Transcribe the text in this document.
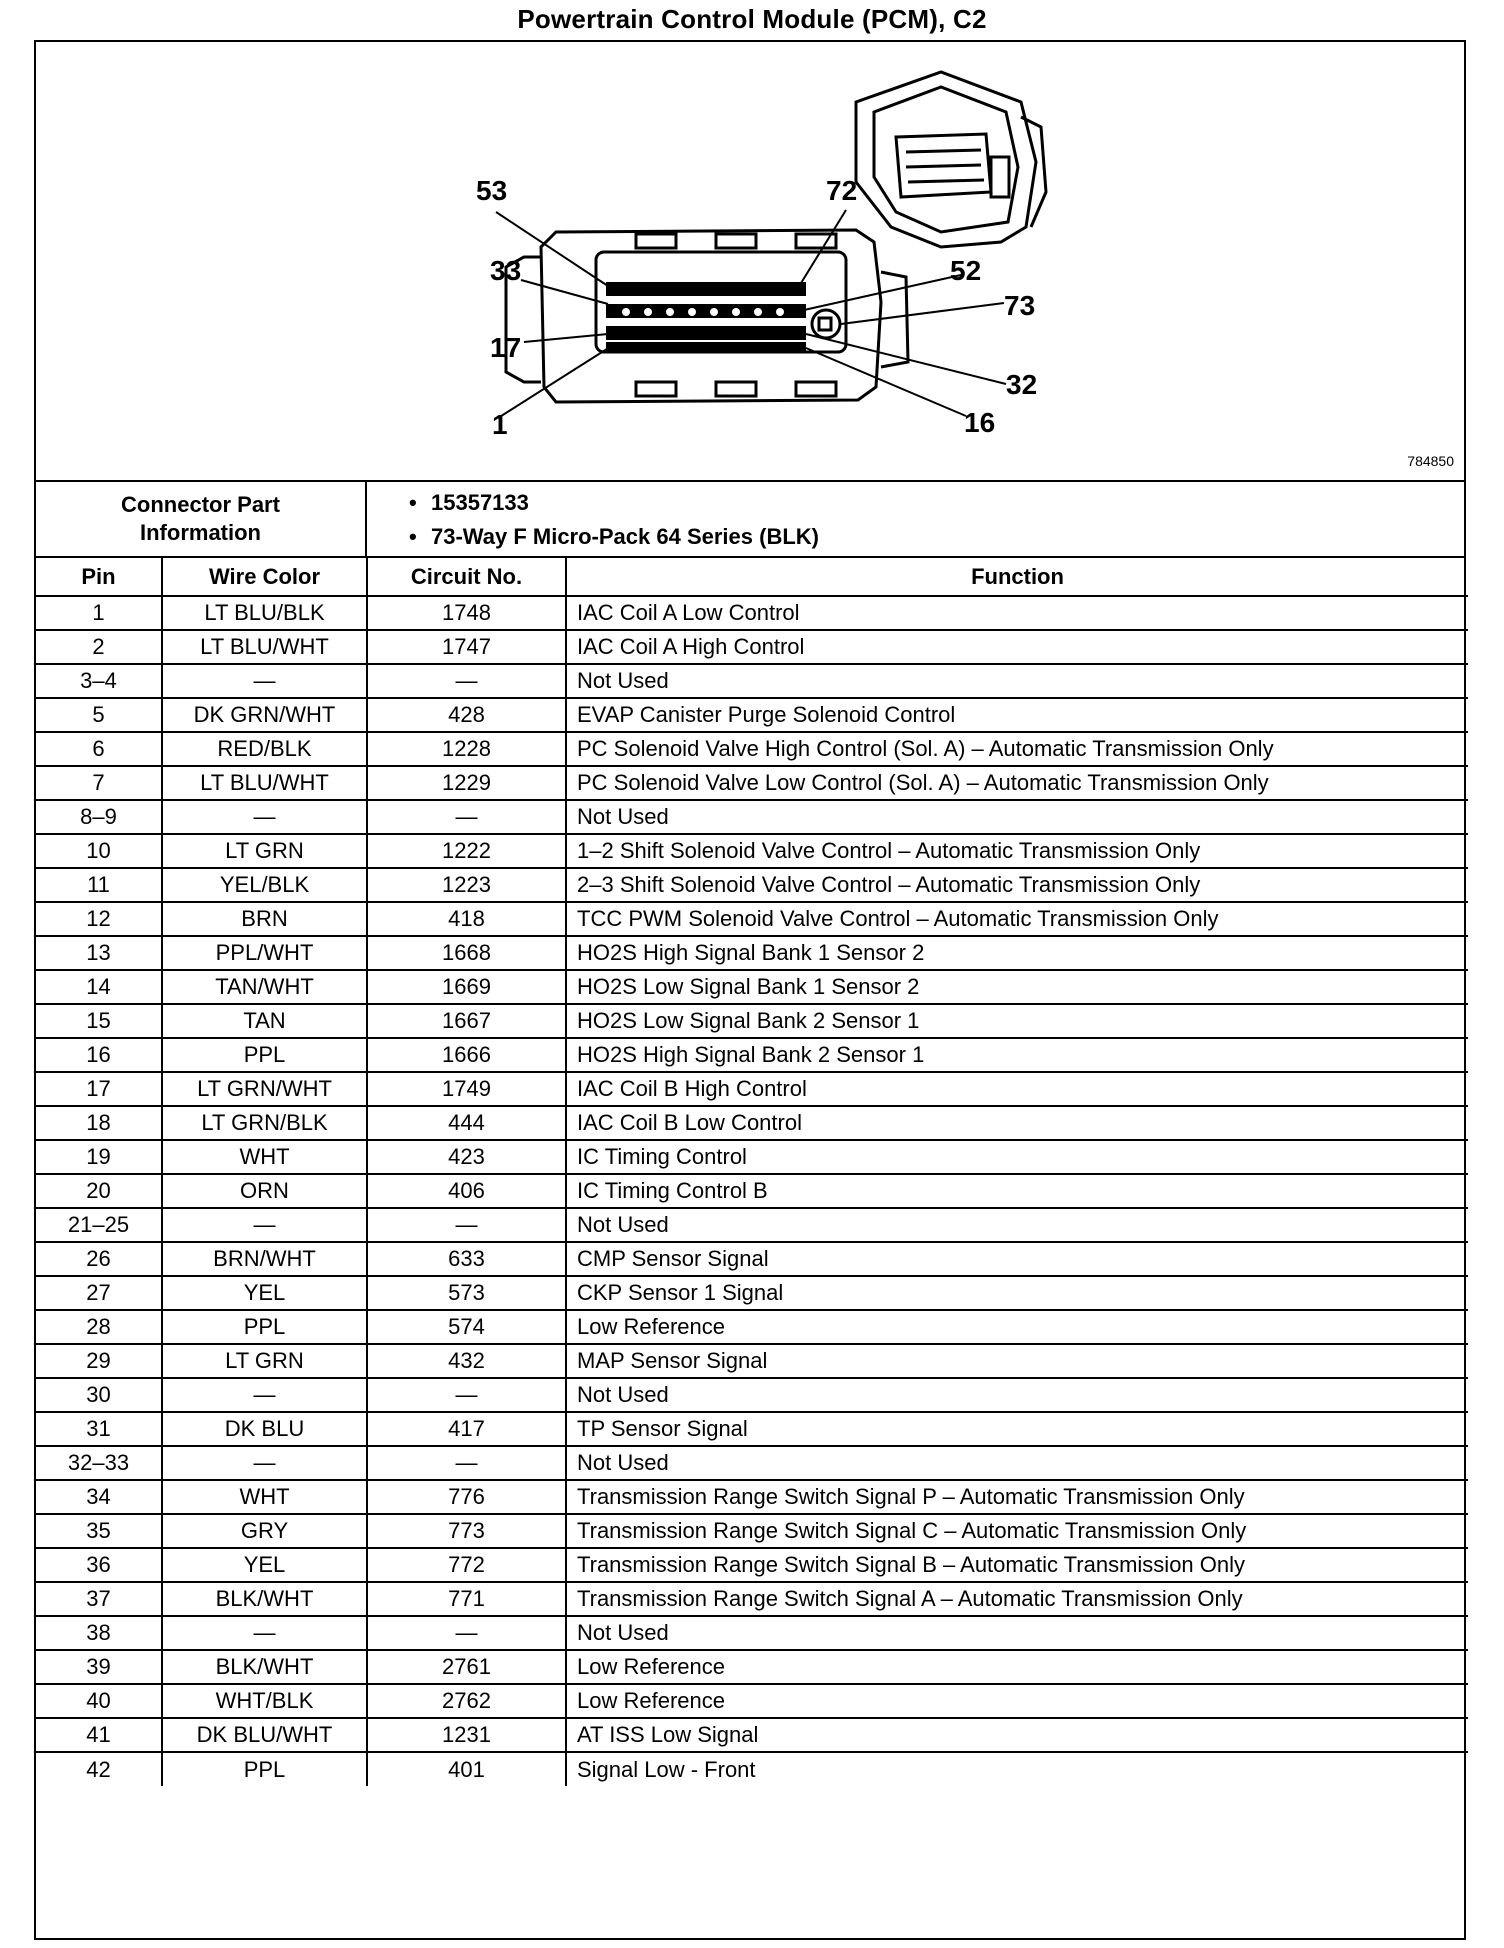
Powertrain Control Module (PCM), C2
53	72
33	52
73
17
32
1	16
784850
Connector Part
Information
• 15357133
• 73-Way F Micro-Pack 64 Series (BLK)
Pin	Wire Color	Circuit No.	Function
1	LT BLU/BLK	1748	IAC Coil A Low Control
2	LT BLU/WHT	1747	IAC Coil A High Control
3–4	—	—	Not Used
5	DK GRN/WHT	428	EVAP Canister Purge Solenoid Control
6	RED/BLK	1228	PC Solenoid Valve High Control (Sol. A) – Automatic Transmission Only
7	LT BLU/WHT	1229	PC Solenoid Valve Low Control (Sol. A) – Automatic Transmission Only
8–9	—	—	Not Used
10	LT GRN	1222	1–2 Shift Solenoid Valve Control – Automatic Transmission Only
11	YEL/BLK	1223	2–3 Shift Solenoid Valve Control – Automatic Transmission Only
12	BRN	418	TCC PWM Solenoid Valve Control – Automatic Transmission Only
13	PPL/WHT	1668	HO2S High Signal Bank 1 Sensor 2
14	TAN/WHT	1669	HO2S Low Signal Bank 1 Sensor 2
15	TAN	1667	HO2S Low Signal Bank 2 Sensor 1
16	PPL	1666	HO2S High Signal Bank 2 Sensor 1
17	LT GRN/WHT	1749	IAC Coil B High Control
18	LT GRN/BLK	444	IAC Coil B Low Control
19	WHT	423	IC Timing Control
20	ORN	406	IC Timing Control B
21–25	—	—	Not Used
26	BRN/WHT	633	CMP Sensor Signal
27	YEL	573	CKP Sensor 1 Signal
28	PPL	574	Low Reference
29	LT GRN	432	MAP Sensor Signal
30	—	—	Not Used
31	DK BLU	417	TP Sensor Signal
32–33	—	—	Not Used
34	WHT	776	Transmission Range Switch Signal P – Automatic Transmission Only
35	GRY	773	Transmission Range Switch Signal C – Automatic Transmission Only
36	YEL	772	Transmission Range Switch Signal B – Automatic Transmission Only
37	BLK/WHT	771	Transmission Range Switch Signal A – Automatic Transmission Only
38	—	—	Not Used
39	BLK/WHT	2761	Low Reference
40	WHT/BLK	2762	Low Reference
41	DK BLU/WHT	1231	AT ISS Low Signal
42	PPL	401	Signal Low - Front
